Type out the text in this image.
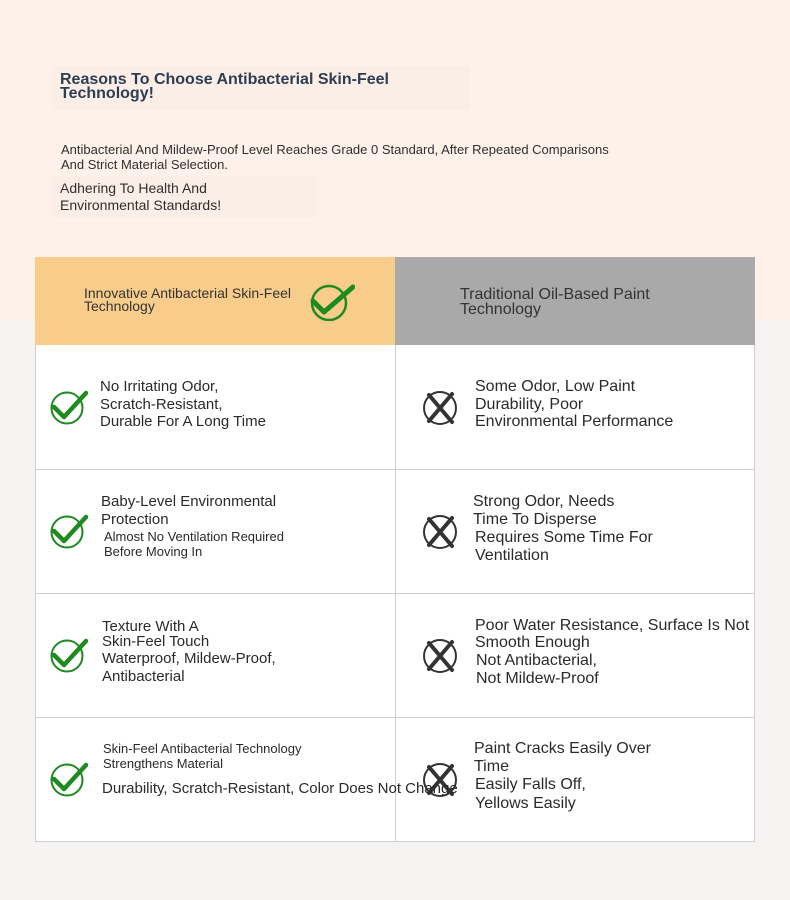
Reasons To Choose Antibacterial Skin-Feel Technology!

Antibacterial And Mildew-Proof Level Reaches Grade 0 Standard, After Repeated Comparisons And Strict Material Selection.

Adhering To Health And Environmental Standards!

Innovative Antibacterial Skin-Feel Technology
Traditional Oil-Based Paint Technology
No Irritating Odor,
Scratch-Resistant,
Durable For A Long Time
Some Odor, Low Paint
Durability, Poor
Environmental Performance
Baby-Level Environmental
Protection
Almost No Ventilation Required
Before Moving In
Strong Odor, Needs
Time To Disperse
Requires Some Time For
Ventilation
Texture With A
Skin-Feel Touch
Waterproof, Mildew-Proof,
Antibacterial
Poor Water Resistance, Surface Is Not
Smooth Enough
Not Antibacterial,
Not Mildew-Proof
Skin-Feel Antibacterial Technology
Strengthens Material
Durability, Scratch-Resistant, Color Does Not Change
Paint Cracks Easily Over
Time
Easily Falls Off,
Yellows Easily
